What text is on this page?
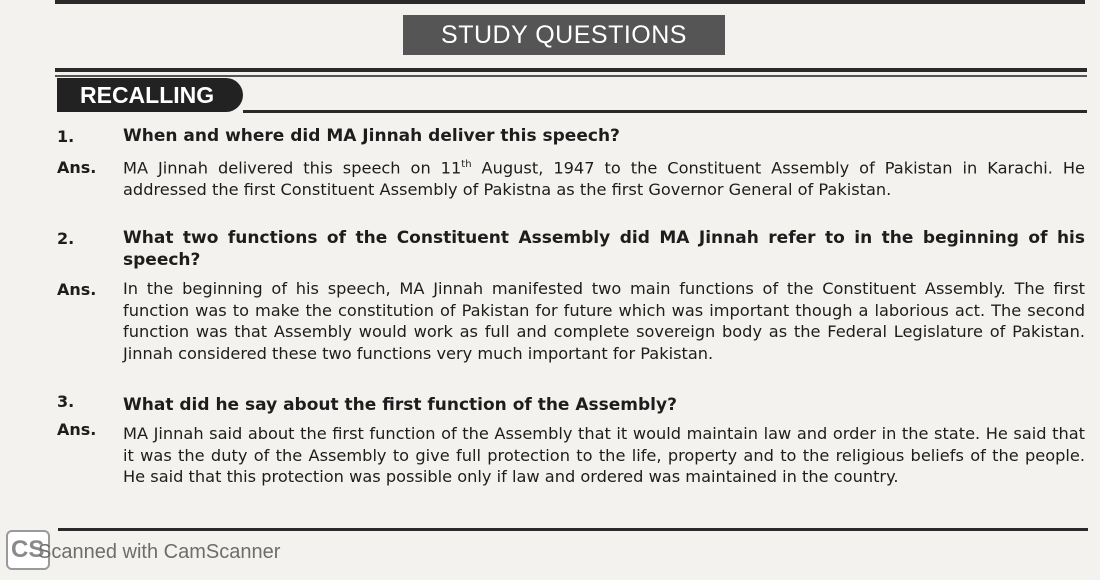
STUDY QUESTIONS
RECALLING
1.	When and where did MA Jinnah deliver this speech?
Ans. MA Jinnah delivered this speech on 11th August, 1947 to the Constituent Assembly of Pakistan in Karachi. He addressed the first Constituent Assembly of Pakistna as the first Governor General of Pakistan.
2.	What two functions of the Constituent Assembly did MA Jinnah refer to in the beginning of his speech?
Ans. In the beginning of his speech, MA Jinnah manifested two main functions of the Constituent Assembly. The first function was to make the constitution of Pakistan for future which was important though a laborious act. The second function was that Assembly would work as full and complete sovereign body as the Federal Legislature of Pakistan. Jinnah considered these two functions very much important for Pakistan.
3.	What did he say about the first function of the Assembly?
Ans. MA Jinnah said about the first function of the Assembly that it would maintain law and order in the state. He said that it was the duty of the Assembly to give full protection to the life, property and to the religious beliefs of the people. He said that this protection was possible only if law and ordered was maintained in the country.
CS
Scanned with CamScanner
